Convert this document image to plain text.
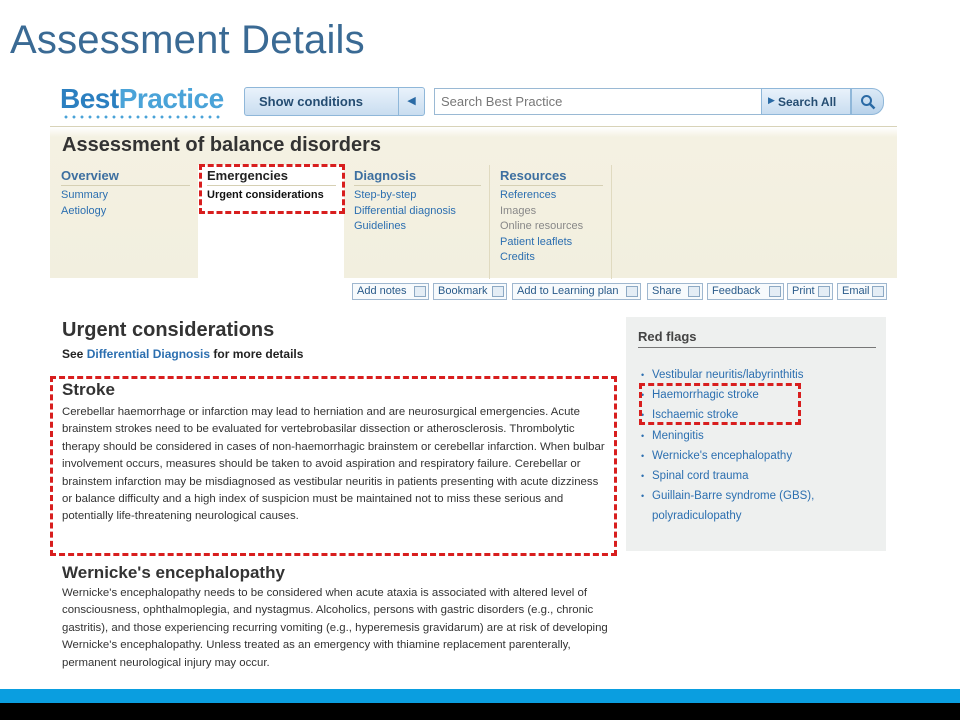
Assessment Details
BestPractice	Show conditions	◀
Search Best Practice	▶ Search All
Assessment of balance disorders
Overview
Summary
Aetiology
Emergencies
Urgent considerations
Diagnosis
Step-by-step
Differential diagnosis
Guidelines
Resources
References
Images
Online resources
Patient leaflets
Credits
Add notes	Bookmark	Add to Learning plan	Share	Feedback	Print	Email
Urgent considerations
See Differential Diagnosis for more details
Stroke
Cerebellar haemorrhage or infarction may lead to herniation and are neurosurgical emergencies. Acute brainstem strokes need to be evaluated for vertebrobasilar dissection or atherosclerosis. Thrombolytic therapy should be considered in cases of non-haemorrhagic brainstem or cerebellar infarction. When bulbar involvement occurs, measures should be taken to avoid aspiration and respiratory failure. Cerebellar or brainstem infarction may be misdiagnosed as vestibular neuritis in patients presenting with acute dizziness or balance difficulty and a high index of suspicion must be maintained not to miss these serious and potentially life-threatening neurological causes.
Wernicke's encephalopathy
Wernicke's encephalopathy needs to be considered when acute ataxia is associated with altered level of consciousness, ophthalmoplegia, and nystagmus. Alcoholics, persons with gastric disorders (e.g., chronic gastritis), and those experiencing recurring vomiting (e.g., hyperemesis gravidarum) are at risk of developing Wernicke's encephalopathy. Unless treated as an emergency with thiamine replacement parenterally, permanent neurological injury may occur.
Red flags
• Vestibular neuritis/labyrinthitis
• Haemorrhagic stroke
• Ischaemic stroke
• Meningitis
• Wernicke's encephalopathy
• Spinal cord trauma
• Guillain-Barre syndrome (GBS),
polyradiculopathy
